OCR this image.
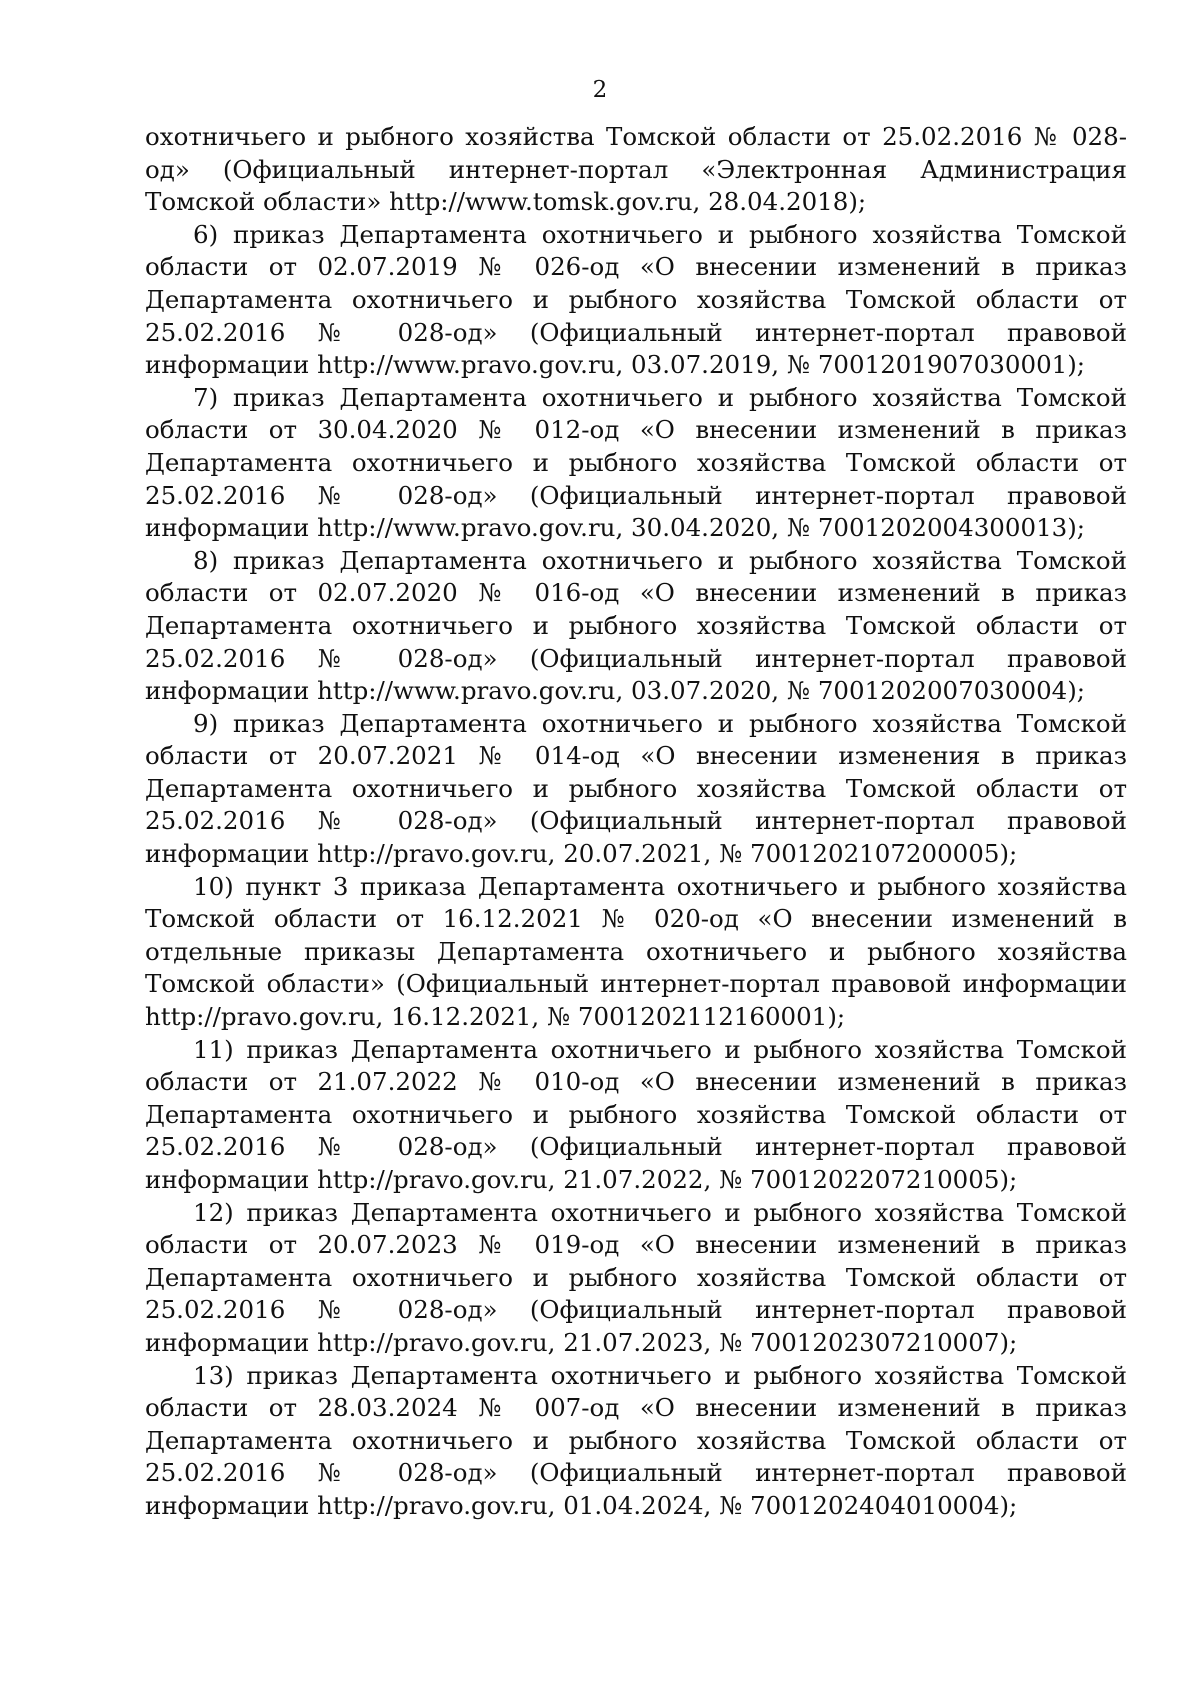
2

охотничьего и рыбного хозяйства Томской области от 25.02.2016 № 028-од» (Официальный интернет-портал «Электронная Администрация Томской области» http://www.tomsk.gov.ru, 28.04.2018);

6) приказ Департамента охотничьего и рыбного хозяйства Томской области от 02.07.2019 № 026-од «О внесении изменений в приказ Департамента охотничьего и рыбного хозяйства Томской области от 25.02.2016 № 028-од» (Официальный интернет-портал правовой информации http://www.pravo.gov.ru, 03.07.2019, № 7001201907030001);

7) приказ Департамента охотничьего и рыбного хозяйства Томской области от 30.04.2020 № 012-од «О внесении изменений в приказ Департамента охотничьего и рыбного хозяйства Томской области от 25.02.2016 № 028-од» (Официальный интернет-портал правовой информации http://www.pravo.gov.ru, 30.04.2020, № 7001202004300013);

8) приказ Департамента охотничьего и рыбного хозяйства Томской области от 02.07.2020 № 016-од «О внесении изменений в приказ Департамента охотничьего и рыбного хозяйства Томской области от 25.02.2016 № 028-од» (Официальный интернет-портал правовой информации http://www.pravo.gov.ru, 03.07.2020, № 7001202007030004);

9) приказ Департамента охотничьего и рыбного хозяйства Томской области от 20.07.2021 № 014-од «О внесении изменения в приказ Департамента охотничьего и рыбного хозяйства Томской области от 25.02.2016 № 028-од» (Официальный интернет-портал правовой информации http://pravo.gov.ru, 20.07.2021, № 7001202107200005);

10) пункт 3 приказа Департамента охотничьего и рыбного хозяйства Томской области от 16.12.2021 № 020-од «О внесении изменений в отдельные приказы Департамента охотничьего и рыбного хозяйства Томской области» (Официальный интернет-портал правовой информации http://pravo.gov.ru, 16.12.2021, № 7001202112160001);

11) приказ Департамента охотничьего и рыбного хозяйства Томской области от 21.07.2022 № 010-од «О внесении изменений в приказ Департамента охотничьего и рыбного хозяйства Томской области от 25.02.2016 № 028-од» (Официальный интернет-портал правовой информации http://pravo.gov.ru, 21.07.2022, № 7001202207210005);

12) приказ Департамента охотничьего и рыбного хозяйства Томской области от 20.07.2023 № 019-од «О внесении изменений в приказ Департамента охотничьего и рыбного хозяйства Томской области от 25.02.2016 № 028-од» (Официальный интернет-портал правовой информации http://pravo.gov.ru, 21.07.2023, № 7001202307210007);

13) приказ Департамента охотничьего и рыбного хозяйства Томской области от 28.03.2024 № 007-од «О внесении изменений в приказ Департамента охотничьего и рыбного хозяйства Томской области от 25.02.2016 № 028-од» (Официальный интернет-портал правовой информации http://pravo.gov.ru, 01.04.2024, № 7001202404010004);
